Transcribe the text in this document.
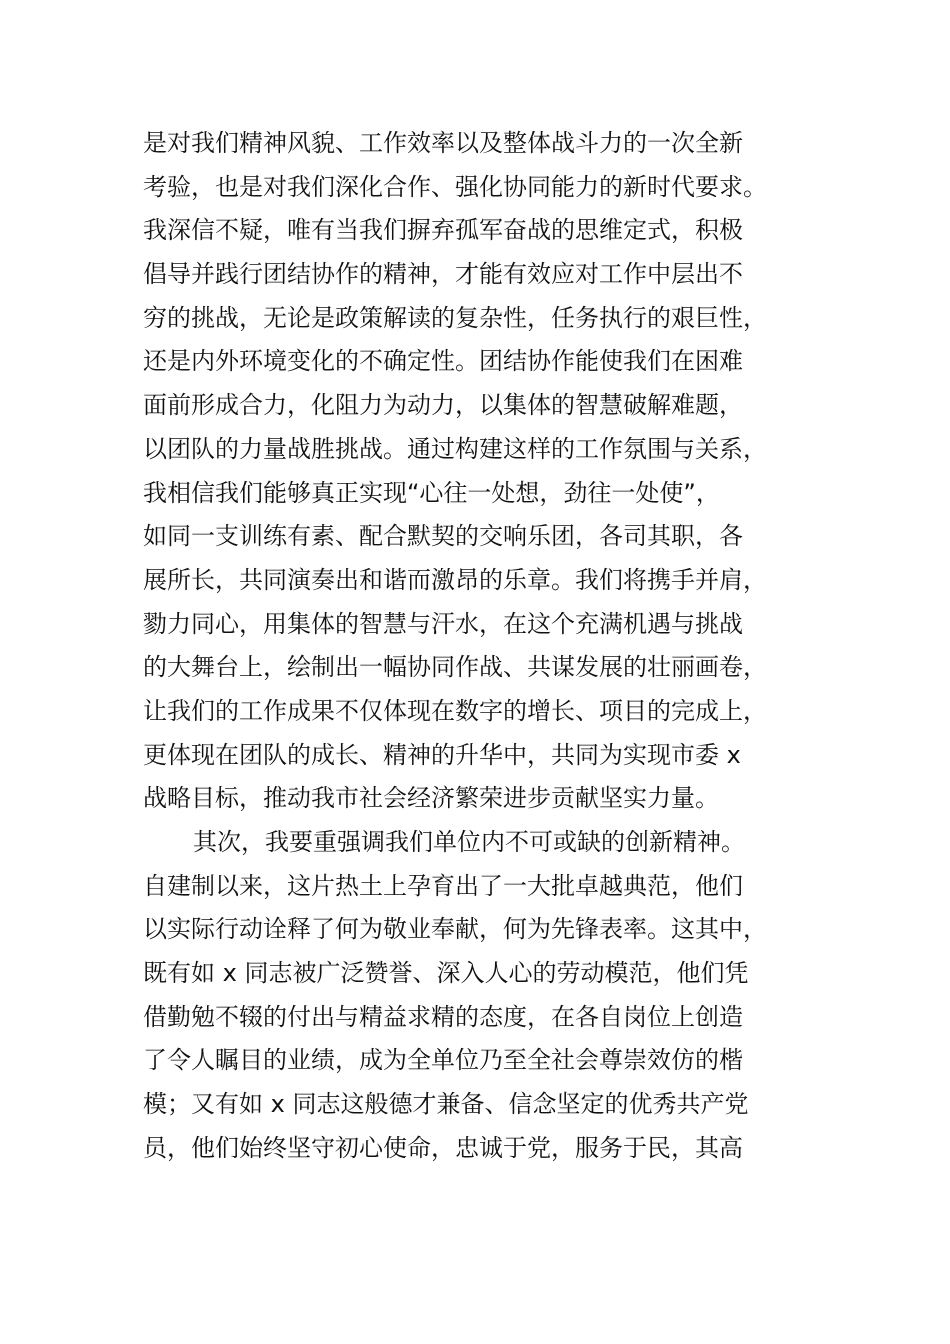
是对我们精神风貌、工作效率以及整体战斗力的一次全新
考验，也是对我们深化合作、强化协同能力的新时代要求。
我深信不疑，唯有当我们摒弃孤军奋战的思维定式，积极
倡导并践行团结协作的精神，才能有效应对工作中层出不
穷的挑战，无论是政策解读的复杂性，任务执行的艰巨性，
还是内外环境变化的不确定性。团结协作能使我们在困难
面前形成合力，化阻力为动力，以集体的智慧破解难题，
以团队的力量战胜挑战。通过构建这样的工作氛围与关系，
我相信我们能够真正实现“心往一处想，劲往一处使”，
如同一支训练有素、配合默契的交响乐团，各司其职，各
展所长，共同演奏出和谐而激昂的乐章。我们将携手并肩，
勠力同心，用集体的智慧与汗水，在这个充满机遇与挑战
的大舞台上，绘制出一幅协同作战、共谋发展的壮丽画卷，
让我们的工作成果不仅体现在数字的增长、项目的完成上，
更体现在团队的成长、精神的升华中，共同为实现市委 x
战略目标，推动我市社会经济繁荣进步贡献坚实力量。
其次，我要重强调我们单位内不可或缺的创新精神。
自建制以来，这片热土上孕育出了一大批卓越典范，他们
以实际行动诠释了何为敬业奉献，何为先锋表率。这其中，
既有如 x 同志被广泛赞誉、深入人心的劳动模范，他们凭
借勤勉不辍的付出与精益求精的态度，在各自岗位上创造
了令人瞩目的业绩，成为全单位乃至全社会尊崇效仿的楷
模；又有如 x 同志这般德才兼备、信念坚定的优秀共产党
员，他们始终坚守初心使命，忠诚于党，服务于民，其高
